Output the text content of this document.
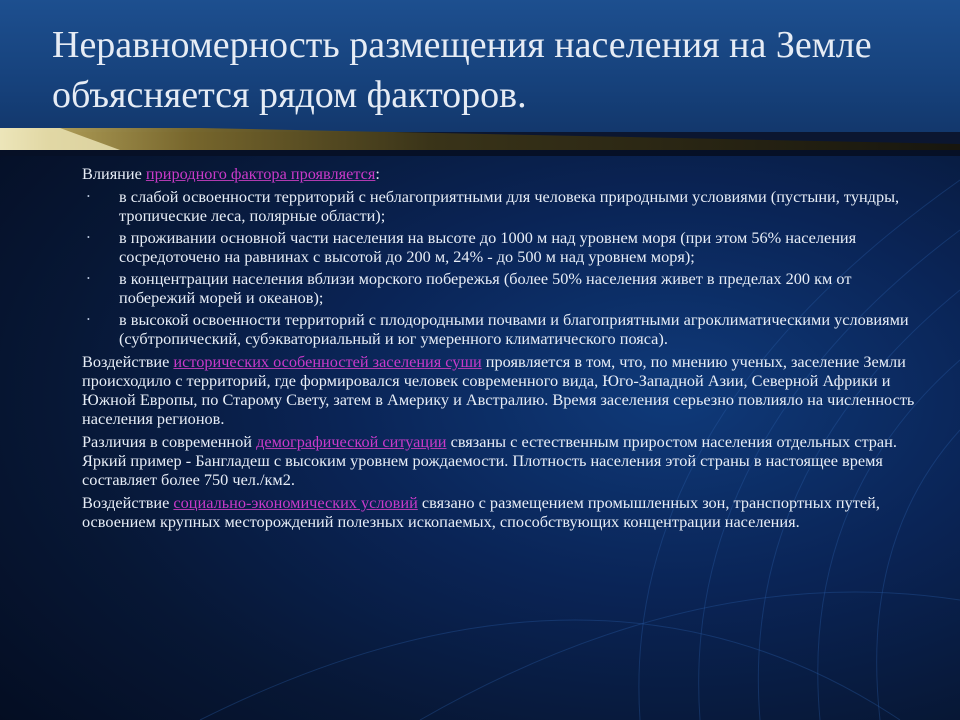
Неравномерность размещения населения на Земле объясняется рядом факторов.

Влияние природного фактора проявляется:

• в слабой освоенности территорий с неблагоприятными для человека природными условиями (пустыни, тундры, тропические леса, полярные области);
• в проживании основной части населения на высоте до 1000 м над уровнем моря (при этом 56% населения сосредоточено на равнинах с высотой до 200 м, 24% - до 500 м над уровнем моря);
• в концентрации населения вблизи морского побережья (более 50% населения живет в пределах 200 км от побережий морей и океанов);
• в высокой освоенности территорий с плодородными почвами и благоприятными агроклиматическими условиями (субтропический, субэкваториальный и юг умеренного климатического пояса).

Воздействие исторических особенностей заселения суши проявляется в том, что, по мнению ученых, заселение Земли происходило с территорий, где формировался человек современного вида, Юго-Западной Азии, Северной Африки и Южной Европы, по Старому Свету, затем в Америку и Австралию. Время заселения серьезно повлияло на численность населения регионов.

Различия в современной демографической ситуации связаны с естественным приростом населения отдельных стран. Яркий пример - Бангладеш с высоким уровнем рождаемости. Плотность населения этой страны в настоящее время составляет более 750 чел./км2.

Воздействие социально-экономических условий связано с размещением промышленных зон, транспортных путей, освоением крупных месторождений полезных ископаемых, способствующих концентрации населения.
